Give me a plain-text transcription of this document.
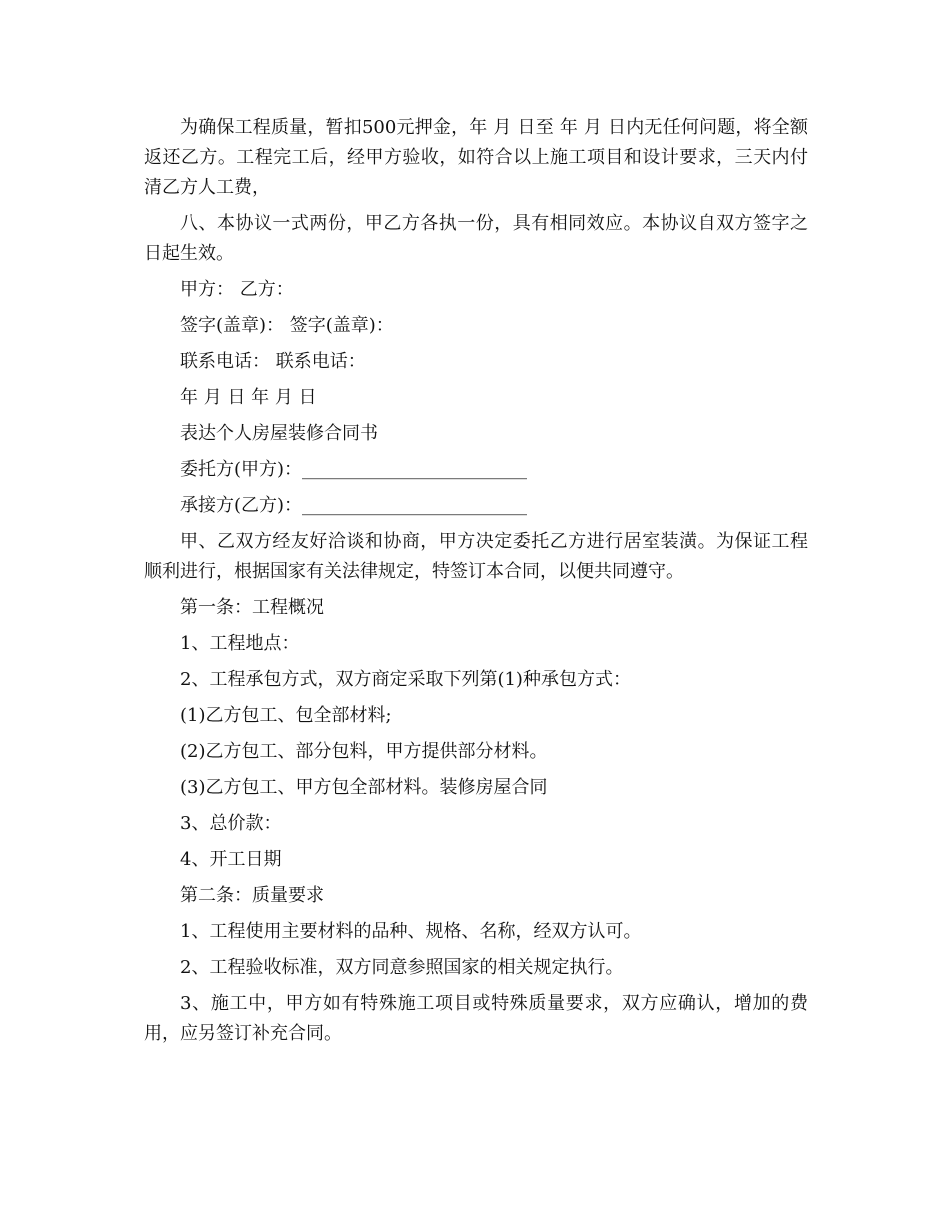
为确保工程质量，暂扣500元押金，年 月 日至 年 月 日内无任何问题，将全额返还乙方。工程完工后，经甲方验收，如符合以上施工项目和设计要求，三天内付清乙方人工费，

八、本协议一式两份，甲乙方各执一份，具有相同效应。本协议自双方签字之日起生效。

甲方： 乙方：

签字(盖章)： 签字(盖章)：

联系电话： 联系电话：

年 月 日 年 月 日

表达个人房屋装修合同书

委托方(甲方)：_________________________

承接方(乙方)：_________________________

甲、乙双方经友好洽谈和协商，甲方决定委托乙方进行居室装潢。为保证工程顺利进行，根据国家有关法律规定，特签订本合同，以便共同遵守。

第一条：工程概况

1、工程地点：

2、工程承包方式，双方商定采取下列第(1)种承包方式：

(1)乙方包工、包全部材料;

(2)乙方包工、部分包料，甲方提供部分材料。

(3)乙方包工、甲方包全部材料。装修房屋合同

3、总价款：

4、开工日期

第二条：质量要求

1、工程使用主要材料的品种、规格、名称，经双方认可。

2、工程验收标准，双方同意参照国家的相关规定执行。

3、施工中，甲方如有特殊施工项目或特殊质量要求，双方应确认，增加的费用，应另签订补充合同。
